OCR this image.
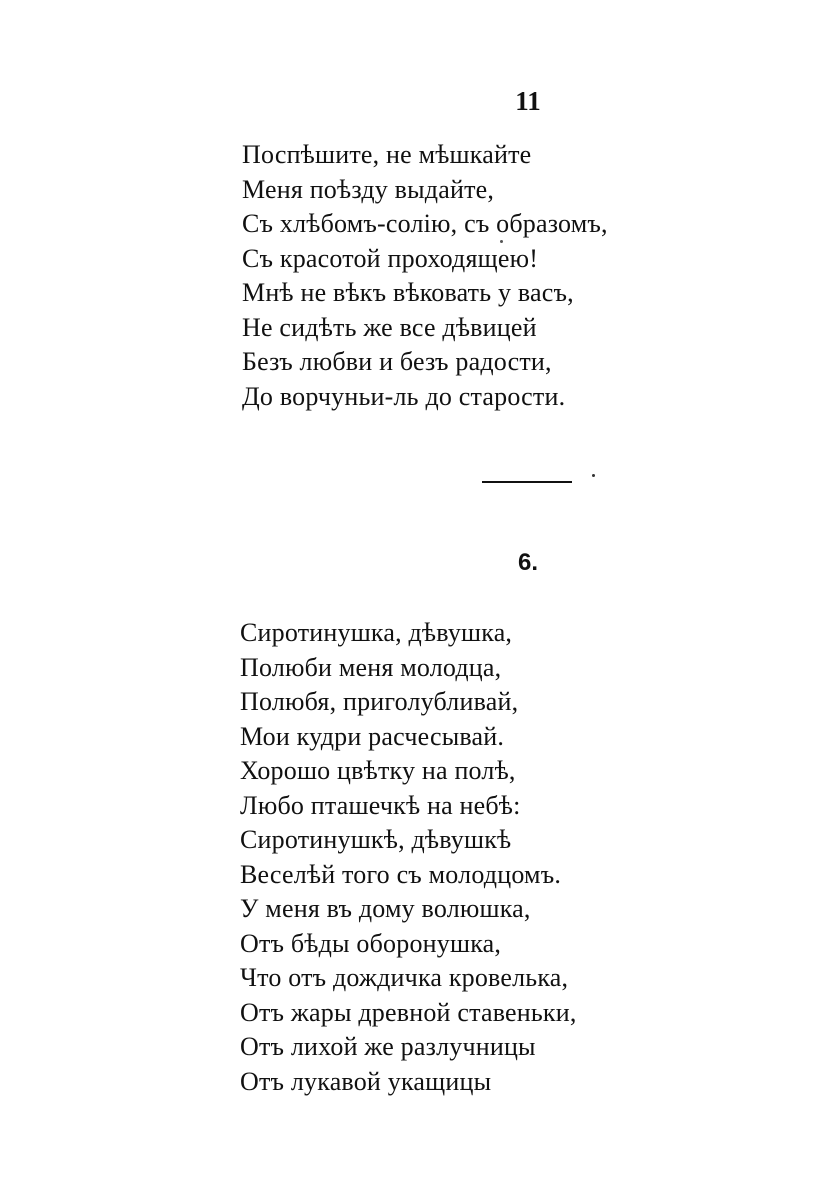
11
Поспѣшите, не мѣшкайте
Меня поѣзду выдайте,
Съ хлѣбомъ-солію, съ образомъ,
Съ красотой проходящею!
Мнѣ не вѣкъ вѣковать у васъ,
Не сидѣть же все дѣвицей
Безъ любви и безъ радости,
До ворчуньи-ль до старости.
6.
Сиротинушка, дѣвушка,
Полюби меня молодца,
Полюбя, приголубливай,
Мои кудри расчесывай.
Хорошо цвѣтку на полѣ,
Любо пташечкѣ на небѣ:
Сиротинушкѣ, дѣвушкѣ
Веселѣй того съ молодцомъ.
У меня въ дому волюшка,
Отъ бѣды оборонушка,
Что отъ дождичка кровелька,
Отъ жары древной ставеньки,
Отъ лихой же разлучницы
Отъ лукавой укащицы
